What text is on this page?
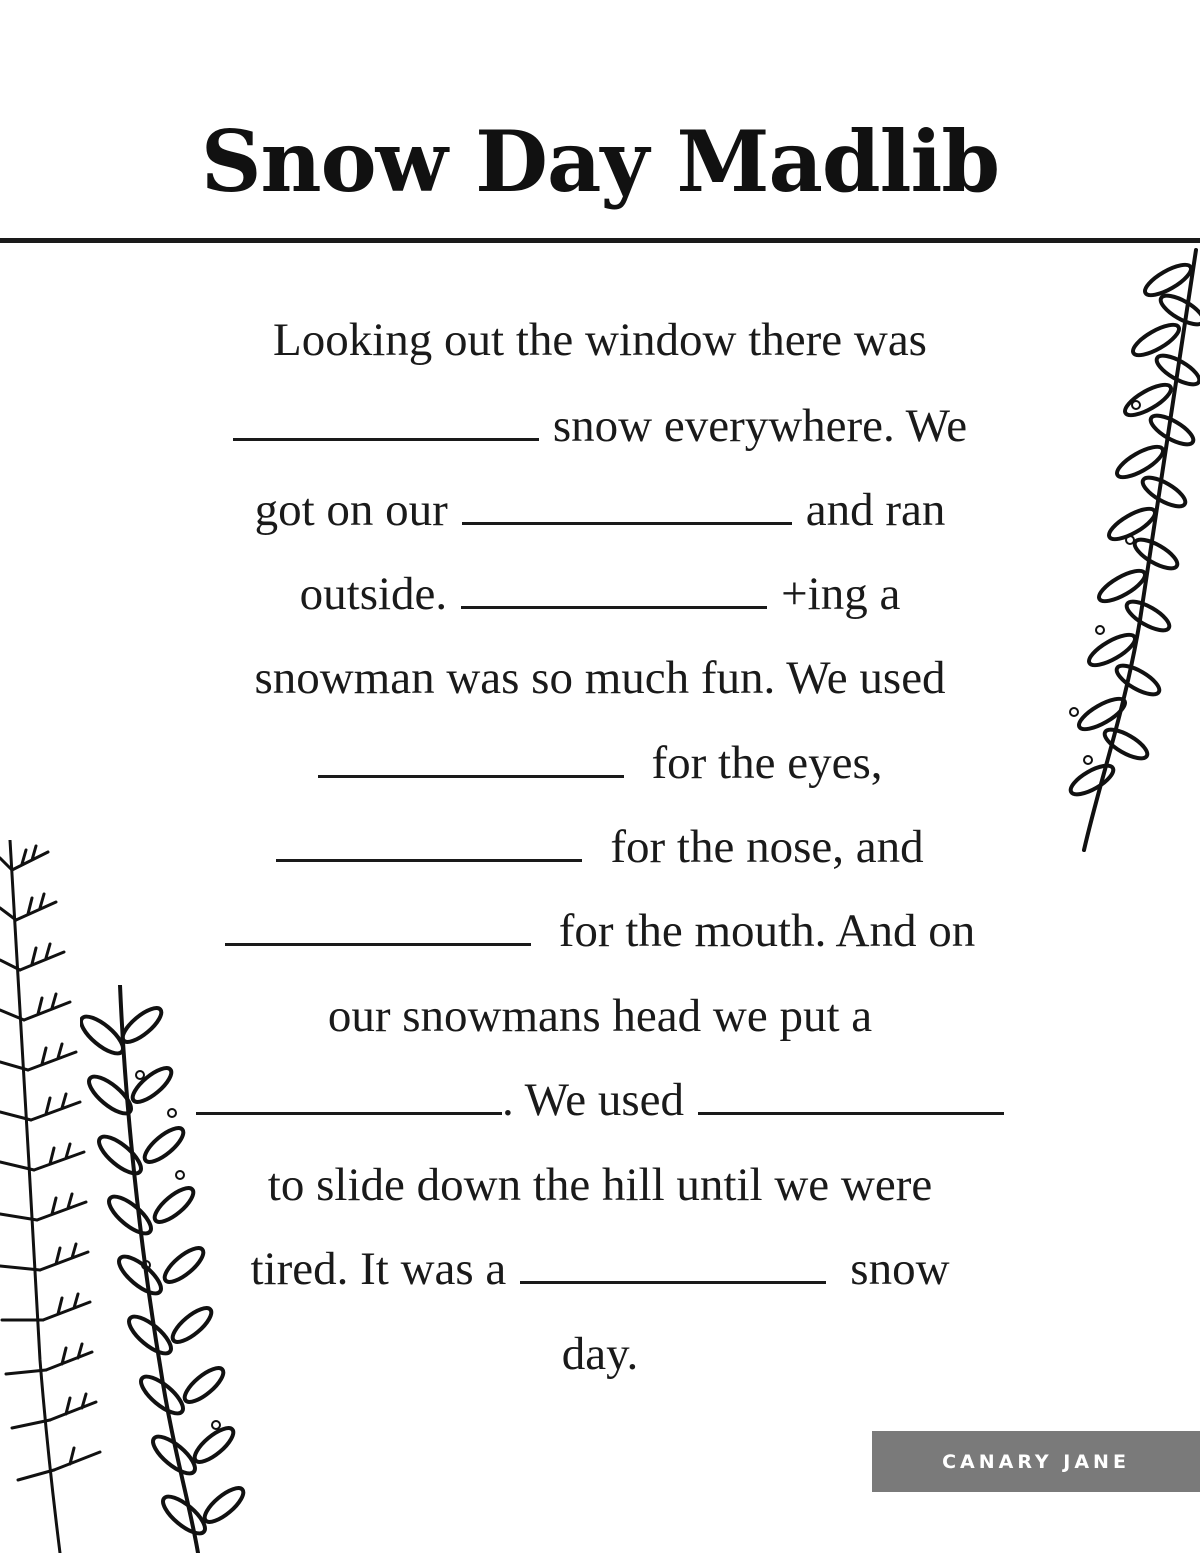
Snow Day Madlib
Looking out the window there was
snow everywhere. We
got on our	and ran
outside.	+ing a
snowman was so much fun. We used
for the eyes,
for the nose, and
for the mouth. And on
our snowmans head we put a
. We used
to slide down the hill until we were
tired. It was a	snow
day.
CANARY JANE
